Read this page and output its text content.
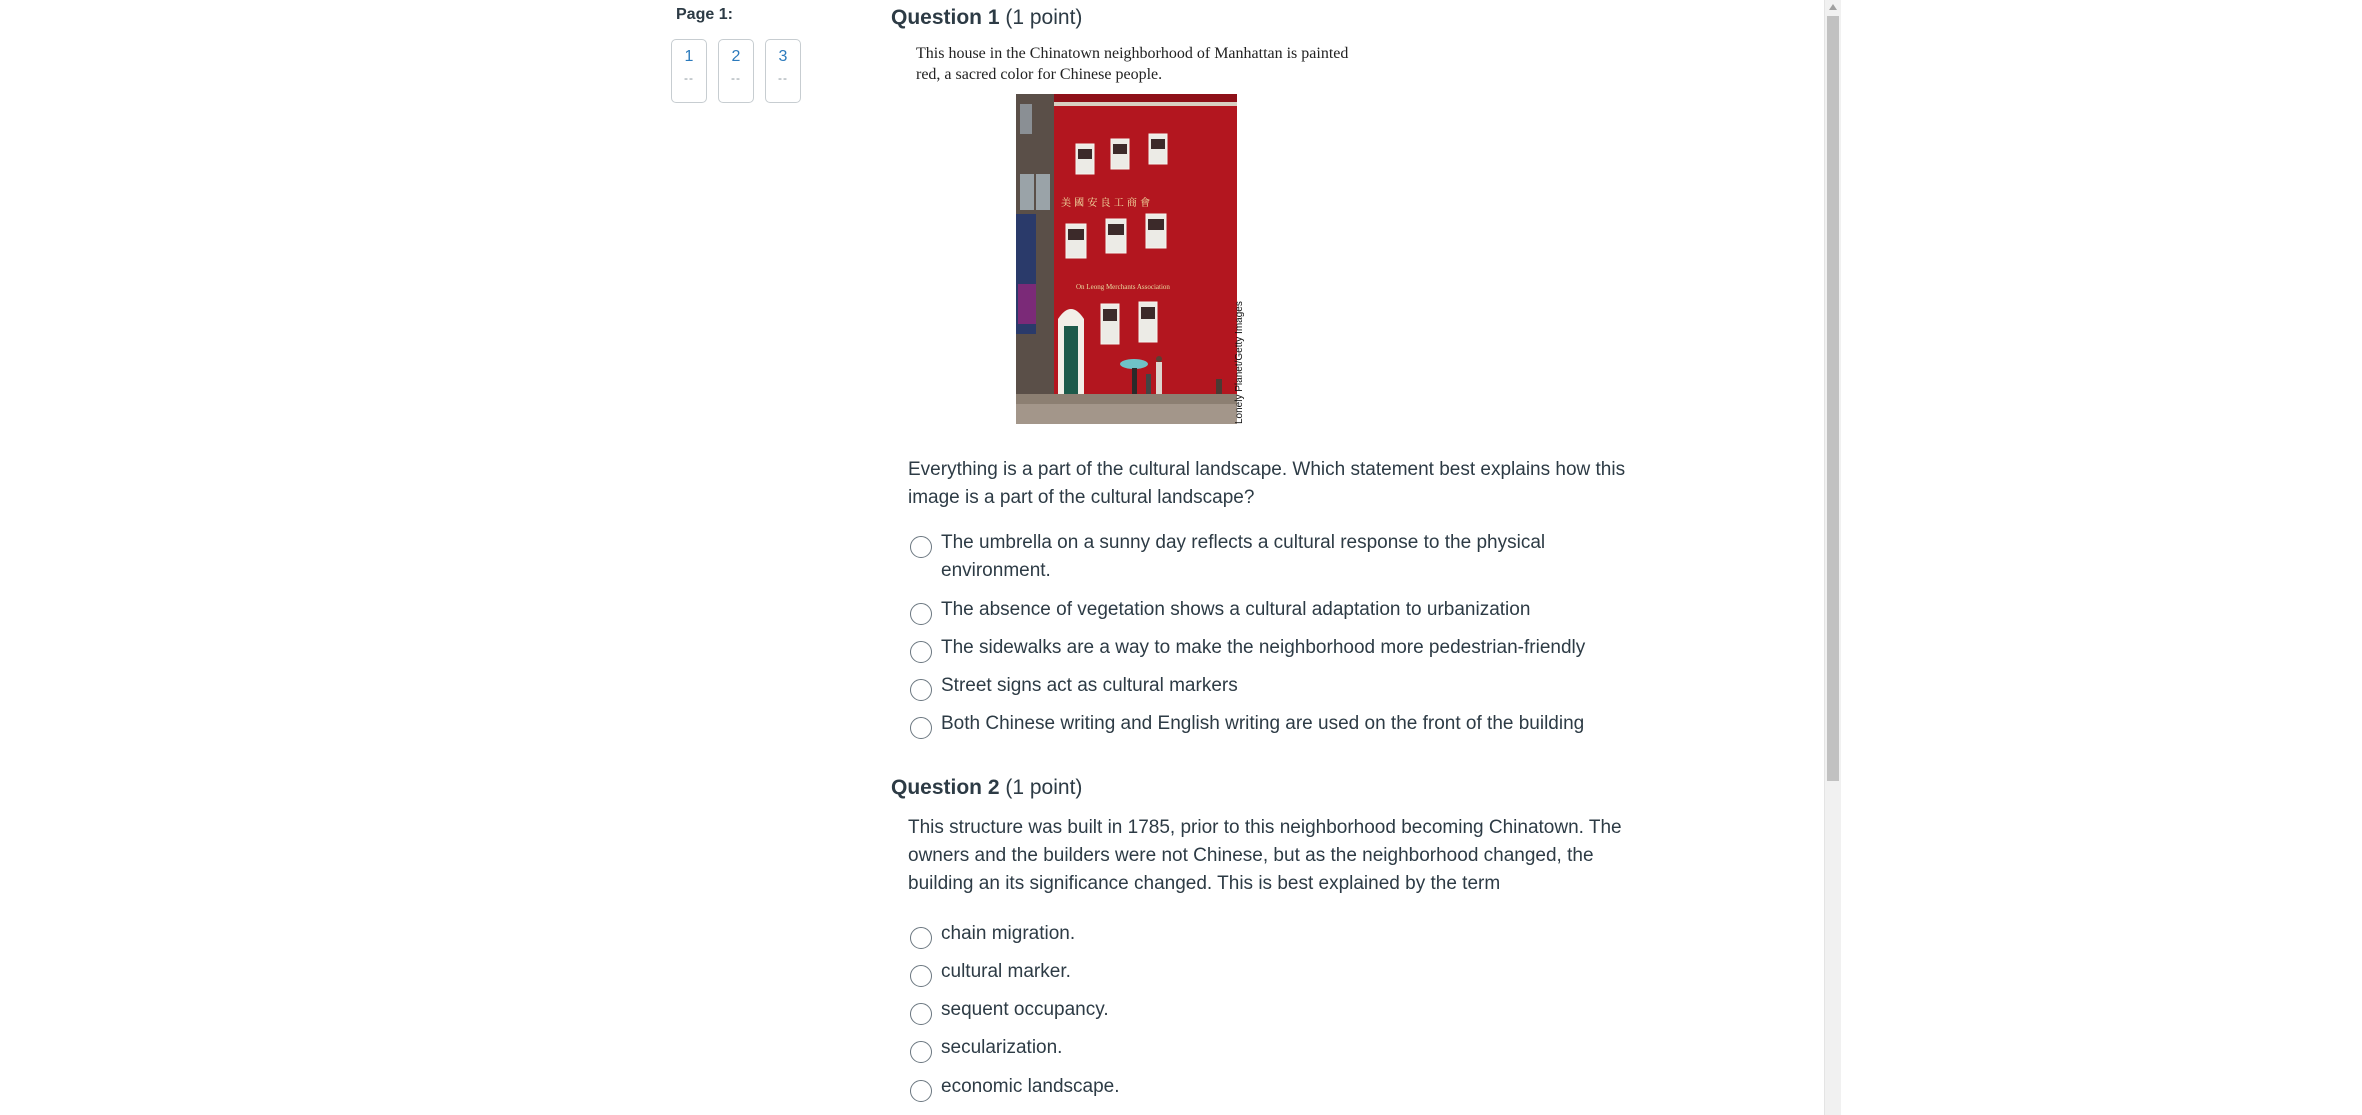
Page 1:
1
--
2
--
3
--
Question 1 (1 point)
This house in the Chinatown neighborhood of Manhattan is painted red, a sacred color for Chinese people.
美 國 安 良 工 商 會
On Leong Merchants Association
Lonely Planet/Getty Images
Everything is a part of the cultural landscape. Which statement best explains how this image is a part of the cultural landscape?
The umbrella on a sunny day reflects a cultural response to the physical environment.
The absence of vegetation shows a cultural adaptation to urbanization
The sidewalks are a way to make the neighborhood more pedestrian-friendly
Street signs act as cultural markers
Both Chinese writing and English writing are used on the front of the building
Question 2 (1 point)
This structure was built in 1785, prior to this neighborhood becoming Chinatown. The owners and the builders were not Chinese, but as the neighborhood changed, the building an its significance changed. This is best explained by the term
chain migration.
cultural marker.
sequent occupancy.
secularization.
economic landscape.
